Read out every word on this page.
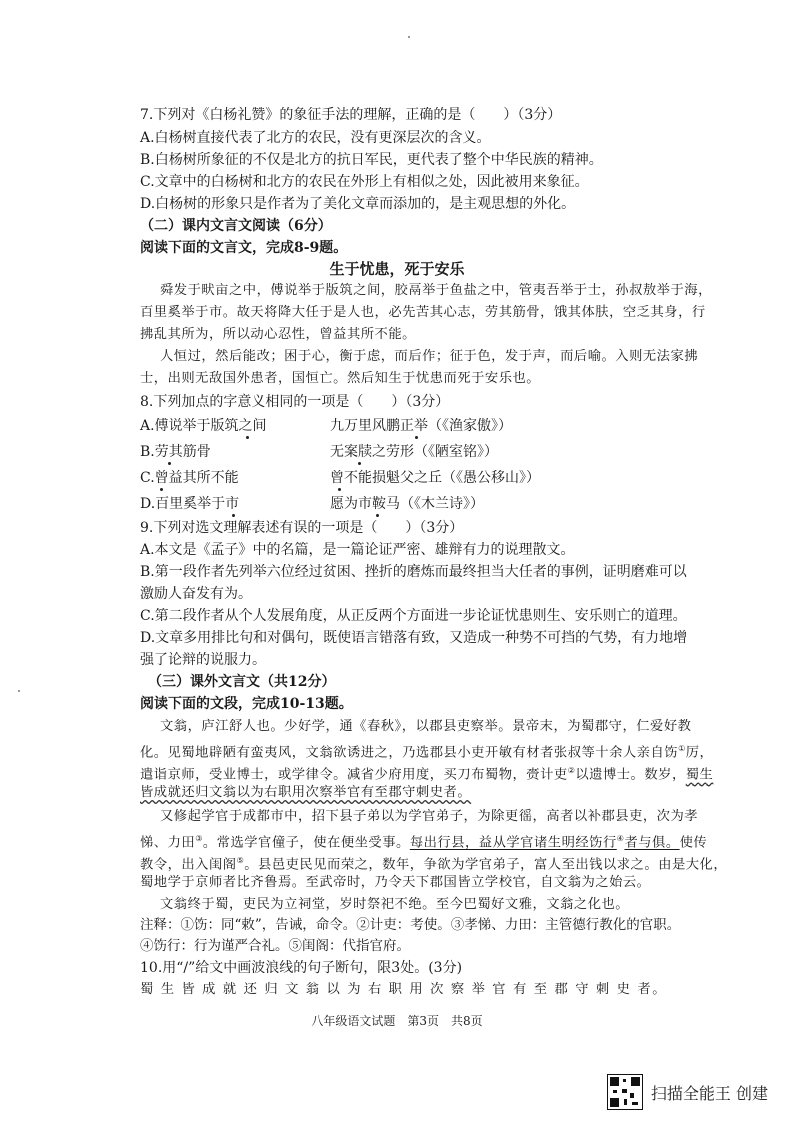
7.下列对《白杨礼赞》的象征手法的理解，正确的是（　　）（3分）
A.白杨树直接代表了北方的农民，没有更深层次的含义。
B.白杨树所象征的不仅是北方的抗日军民，更代表了整个中华民族的精神。
C.文章中的白杨树和北方的农民在外形上有相似之处，因此被用来象征。
D.白杨树的形象只是作者为了美化文章而添加的，是主观思想的外化。
（二）课内文言文阅读（6分）
阅读下面的文言文，完成8-9题。
生于忧患，死于安乐
舜发于畎亩之中，傅说举于版筑之间，胶鬲举于鱼盐之中，管夷吾举于士，孙叔敖举于海，
百里奚举于市。故天将降大任于是人也，必先苦其心志，劳其筋骨，饿其体肤，空乏其身，行
拂乱其所为，所以动心忍性，曾益其所不能。
人恒过，然后能改；困于心，衡于虑，而后作；征于色，发于声，而后喻。入则无法家拂
士，出则无敌国外患者，国恒亡。然后知生于忧患而死于安乐也。
8.下列加点的字意义相同的一项是（　　）（3分）
A.傅说举于版筑之间	九万里风鹏正举（《渔家傲》）
B.劳其筋骨	无案牍之劳形（《陋室铭》）
C.曾益其所不能	曾不能损魁父之丘（《愚公移山》）
D.百里奚举于市	愿为市鞍马（《木兰诗》）
9.下列对选文理解表述有误的一项是（　　）（3分）
A.本文是《孟子》中的名篇，是一篇论证严密、雄辩有力的说理散文。
B.第一段作者先列举六位经过贫困、挫折的磨炼而最终担当大任者的事例，证明磨难可以
激励人奋发有为。
C.第二段作者从个人发展角度，从正反两个方面进一步论证忧患则生、安乐则亡的道理。
D.文章多用排比句和对偶句，既使语言错落有致，又造成一种势不可挡的气势，有力地增
强了论辩的说服力。
（三）课外文言文（共12分）
阅读下面的文段，完成10-13题。
文翁，庐江舒人也。少好学，通《春秋》，以郡县吏察举。景帝末，为蜀郡守，仁爱好教
化。见蜀地辟陋有蛮夷风，文翁欲诱进之，乃选郡县小吏开敏有材者张叔等十余人亲自饬①厉，
遣诣京师，受业博士，或学律令。减省少府用度，买刀布蜀物，赍计吏②以遗博士。数岁，蜀生
皆成就还归文翁以为右职用次察举官有至郡守刺史者。
又修起学官于成都市中，招下县子弟以为学官弟子，为除更徭，高者以补郡县吏，次为孝
悌、力田③。常选学官僮子，使在便坐受事。每出行县，益从学官诸生明经饬行④者与俱。使传
教令，出入闺阁⑤。县邑吏民见而荣之，数年，争欲为学官弟子，富人至出钱以求之。由是大化，
蜀地学于京师者比齐鲁焉。至武帝时，乃令天下郡国皆立学校官，自文翁为之始云。
文翁终于蜀，吏民为立祠堂，岁时祭祀不绝。至今巴蜀好文雅，文翁之化也。
注释：①饬：同“敕”，告诫，命令。②计吏：考使。③孝悌、力田：主管德行教化的官职。
④饬行：行为谨严合礼。⑤闺阁：代指官府。
10.用“/”给文中画波浪线的句子断句，限3处。(3分)
蜀 生 皆 成 就 还 归 文 翁 以 为 右 职 用 次 察 举 官 有 至 郡 守 刺 史 者。
八年级语文试题　第3页　共8页
扫描全能王 创建
